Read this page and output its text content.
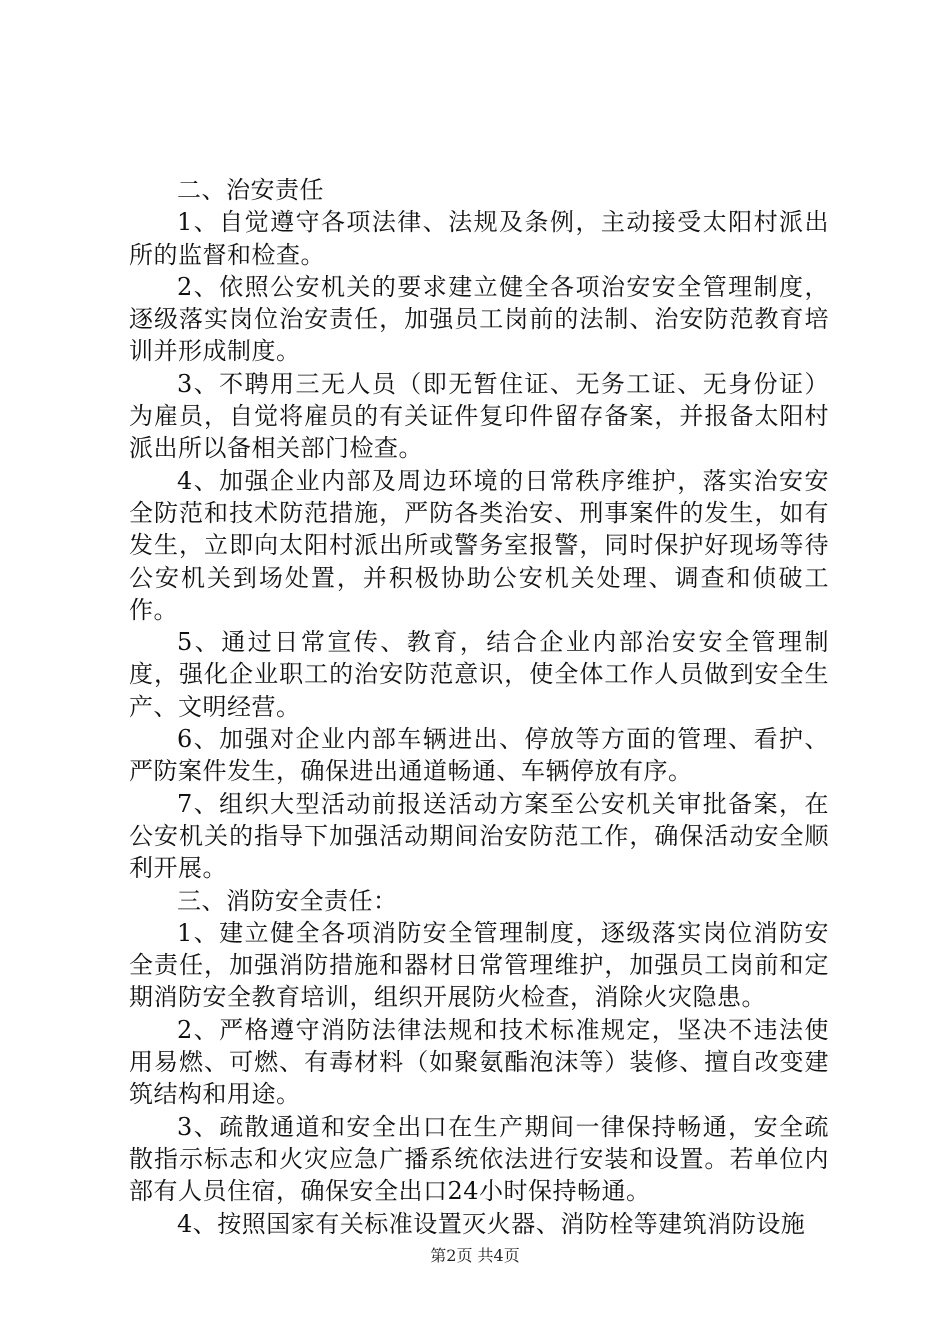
二、治安责任

1、自觉遵守各项法律、法规及条例，主动接受太阳村派出所的监督和检查。

2、依照公安机关的要求建立健全各项治安安全管理制度，逐级落实岗位治安责任，加强员工岗前的法制、治安防范教育培训并形成制度。

3、不聘用三无人员（即无暂住证、无务工证、无身份证）为雇员，自觉将雇员的有关证件复印件留存备案，并报备太阳村派出所以备相关部门检查。

4、加强企业内部及周边环境的日常秩序维护，落实治安安全防范和技术防范措施，严防各类治安、刑事案件的发生，如有发生，立即向太阳村派出所或警务室报警，同时保护好现场等待公安机关到场处置，并积极协助公安机关处理、调查和侦破工作。

5、通过日常宣传、教育，结合企业内部治安安全管理制度，强化企业职工的治安防范意识，使全体工作人员做到安全生产、文明经营。

6、加强对企业内部车辆进出、停放等方面的管理、看护、严防案件发生，确保进出通道畅通、车辆停放有序。

7、组织大型活动前报送活动方案至公安机关审批备案，在公安机关的指导下加强活动期间治安防范工作，确保活动安全顺利开展。

三、消防安全责任：

1、建立健全各项消防安全管理制度，逐级落实岗位消防安全责任，加强消防措施和器材日常管理维护，加强员工岗前和定期消防安全教育培训，组织开展防火检查，消除火灾隐患。

2、严格遵守消防法律法规和技术标准规定，坚决不违法使用易燃、可燃、有毒材料（如聚氨酯泡沫等）装修、擅自改变建筑结构和用途。

3、疏散通道和安全出口在生产期间一律保持畅通，安全疏散指示标志和火灾应急广播系统依法进行安装和设置。若单位内部有人员住宿，确保安全出口24小时保持畅通。

4、按照国家有关标准设置灭火器、消防栓等建筑消防设施

第2页 共4页
